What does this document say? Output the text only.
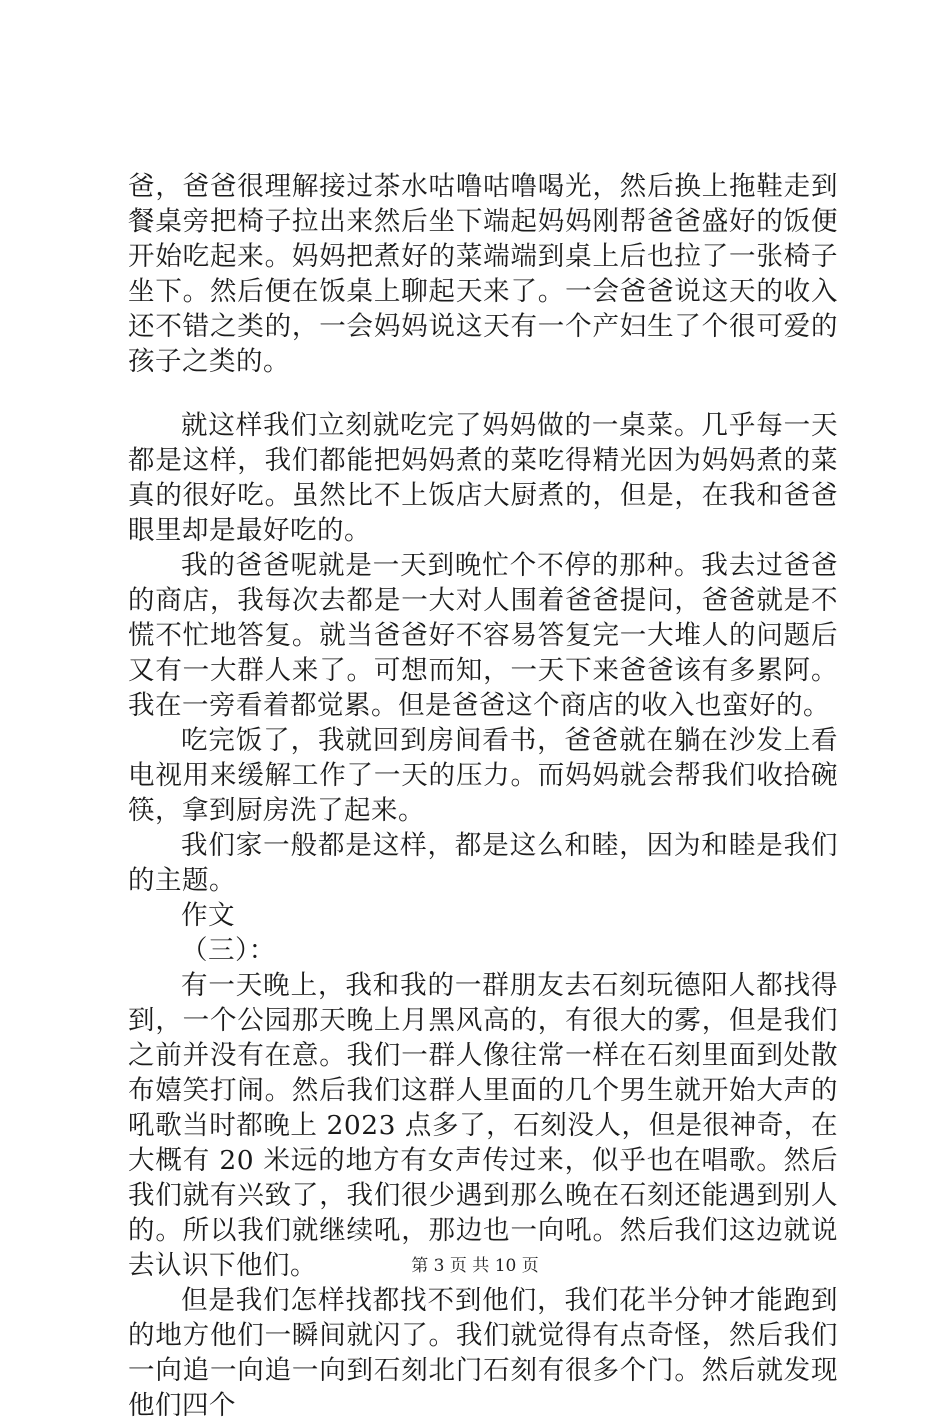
爸，爸爸很理解接过茶水咕噜咕噜喝光，然后换上拖鞋走到餐桌旁把椅子拉出来然后坐下端起妈妈刚帮爸爸盛好的饭便开始吃起来。妈妈把煮好的菜端端到桌上后也拉了一张椅子坐下。然后便在饭桌上聊起天来了。一会爸爸说这天的收入还不错之类的，一会妈妈说这天有一个产妇生了个很可爱的孩子之类的。

就这样我们立刻就吃完了妈妈做的一桌菜。几乎每一天都是这样，我们都能把妈妈煮的菜吃得精光因为妈妈煮的菜真的很好吃。虽然比不上饭店大厨煮的，但是，在我和爸爸眼里却是最好吃的。

我的爸爸呢就是一天到晚忙个不停的那种。我去过爸爸的商店，我每次去都是一大对人围着爸爸提问，爸爸就是不慌不忙地答复。就当爸爸好不容易答复完一大堆人的问题后又有一大群人来了。可想而知，一天下来爸爸该有多累阿。我在一旁看着都觉累。但是爸爸这个商店的收入也蛮好的。

吃完饭了，我就回到房间看书，爸爸就在躺在沙发上看电视用来缓解工作了一天的压力。而妈妈就会帮我们收拾碗筷，拿到厨房洗了起来。

我们家一般都是这样，都是这么和睦，因为和睦是我们的主题。

作文

（三）：

有一天晚上，我和我的一群朋友去石刻玩德阳人都找得到，一个公园那天晚上月黑风高的，有很大的雾，但是我们之前并没有在意。我们一群人像往常一样在石刻里面到处散布嬉笑打闹。然后我们这群人里面的几个男生就开始大声的吼歌当时都晚上 2023 点多了，石刻没人，但是很神奇，在大概有 20 米远的地方有女声传过来，似乎也在唱歌。然后我们就有兴致了，我们很少遇到那么晚在石刻还能遇到别人的。所以我们就继续吼，那边也一向吼。然后我们这边就说去认识下他们。

但是我们怎样找都找不到他们，我们花半分钟才能跑到的地方他们一瞬间就闪了。我们就觉得有点奇怪，然后我们一向追一向追一向到石刻北门石刻有很多个门。然后就发现他们四个

第 3 页 共 10 页
